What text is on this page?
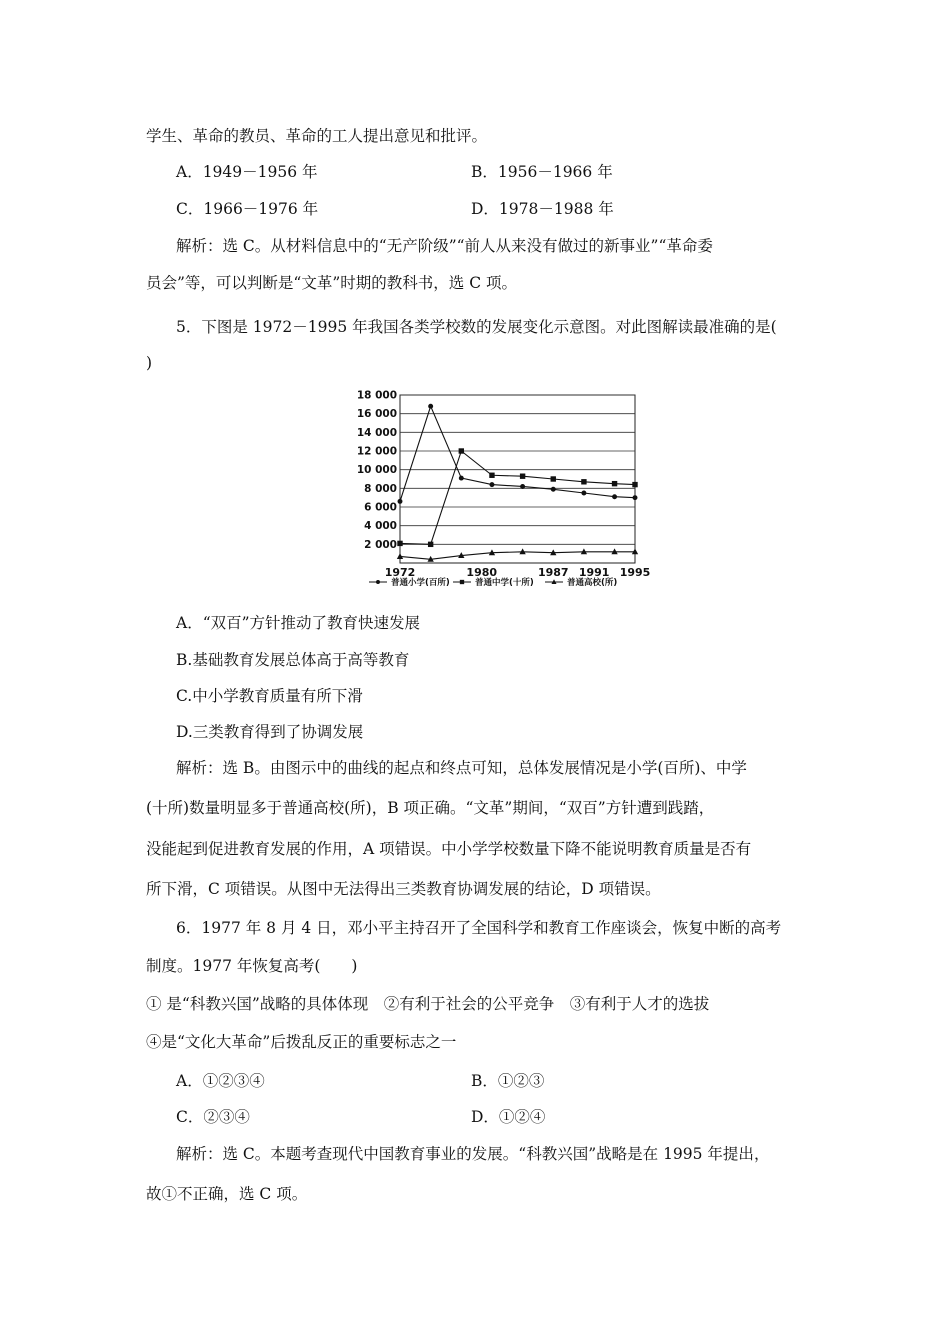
学生、革命的教员、革命的工人提出意见和批评。
A．1949－1956 年	B．1956－1966 年
C．1966－1976 年	D．1978－1988 年
解析：选 C。从材料信息中的“无产阶级”“前人从来没有做过的新事业”“革命委
员会”等，可以判断是“文革”时期的教科书，选 C 项。
5．下图是 1972－1995 年我国各类学校数的发展变化示意图。对此图解读最准确的是(
)
2 000
4 000
6 000
8 000
10 000
12 000
14 000
16 000
18 000
1972	1980	1987 1991 1995
普通小学(百所)	普通中学(十所)	普通高校(所)
A．“双百”方针推动了教育快速发展
B.基础教育发展总体高于高等教育
C.中小学教育质量有所下滑
D.三类教育得到了协调发展
解析：选 B。由图示中的曲线的起点和终点可知，总体发展情况是小学(百所)、中学
(十所)数量明显多于普通高校(所)，B 项正确。“文革”期间，“双百”方针遭到践踏，
没能起到促进教育发展的作用，A 项错误。中小学学校数量下降不能说明教育质量是否有
所下滑，C 项错误。从图中无法得出三类教育协调发展的结论，D 项错误。
6．1977 年 8 月 4 日，邓小平主持召开了全国科学和教育工作座谈会，恢复中断的高考
制度。1977 年恢复高考(　　)
① 是“科教兴国”战略的具体体现　②有利于社会的公平竞争　③有利于人才的选拔
④是“文化大革命”后拨乱反正的重要标志之一
A．①②③④	B．①②③
C．②③④	D．①②④
解析：选 C。本题考查现代中国教育事业的发展。“科教兴国”战略是在 1995 年提出，
故①不正确，选 C 项。
